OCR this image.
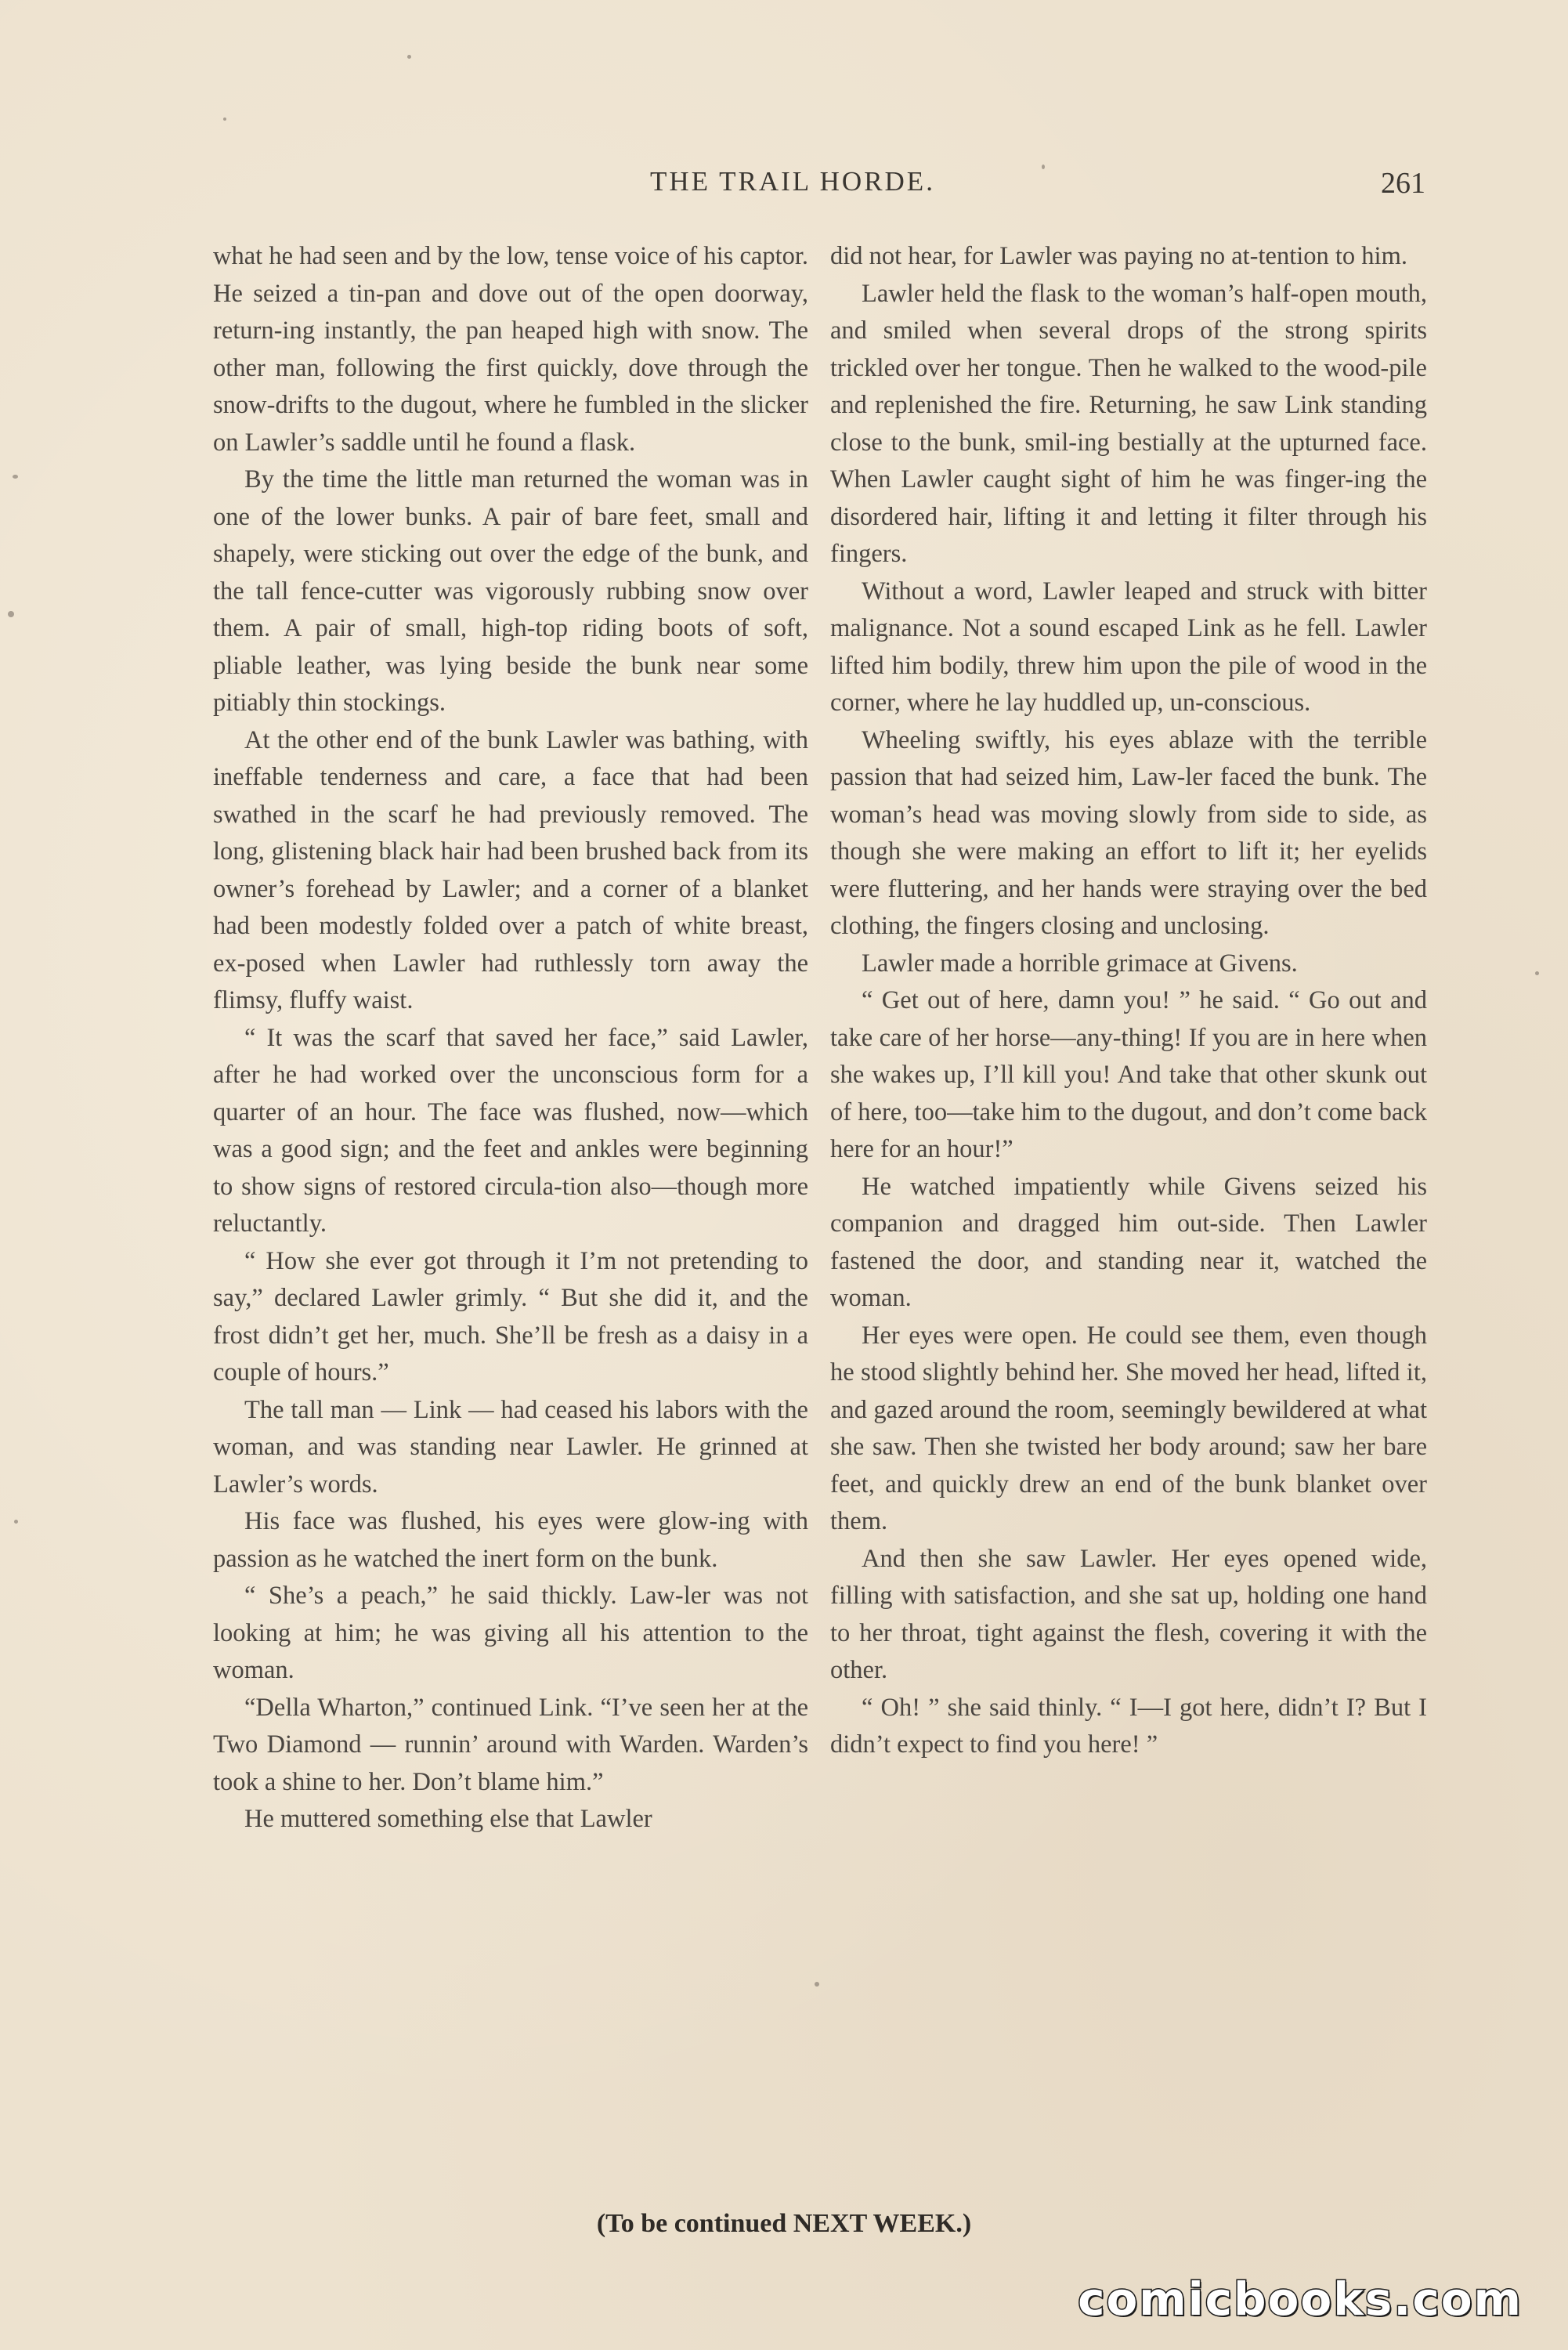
THE TRAIL HORDE.	261

what he had seen and by the low, tense voice of his captor. He seized a tin-pan and dove out of the open doorway, return-ing instantly, the pan heaped high with snow. The other man, following the first quickly, dove through the snow-drifts to the dugout, where he fumbled in the slicker on Lawler’s saddle until he found a flask.

By the time the little man returned the woman was in one of the lower bunks. A pair of bare feet, small and shapely, were sticking out over the edge of the bunk, and the tall fence-cutter was vigorously rubbing snow over them. A pair of small, high-top riding boots of soft, pliable leather, was lying beside the bunk near some pitiably thin stockings.

At the other end of the bunk Lawler was bathing, with ineffable tenderness and care, a face that had been swathed in the scarf he had previously removed. The long, glistening black hair had been brushed back from its owner’s forehead by Lawler; and a corner of a blanket had been modestly folded over a patch of white breast, ex-posed when Lawler had ruthlessly torn away the flimsy, fluffy waist.

“ It was the scarf that saved her face,” said Lawler, after he had worked over the unconscious form for a quarter of an hour. The face was flushed, now—which was a good sign; and the feet and ankles were beginning to show signs of restored circula-tion also—though more reluctantly.

“ How she ever got through it I’m not pretending to say,” declared Lawler grimly. “ But she did it, and the frost didn’t get her, much. She’ll be fresh as a daisy in a couple of hours.”

The tall man — Link — had ceased his labors with the woman, and was standing near Lawler. He grinned at Lawler’s words.

His face was flushed, his eyes were glow-ing with passion as he watched the inert form on the bunk.

“ She’s a peach,” he said thickly. Law-ler was not looking at him; he was giving all his attention to the woman.

“Della Wharton,” continued Link. “I’ve seen her at the Two Diamond — runnin’ around with Warden. Warden’s took a shine to her. Don’t blame him.”

He muttered something else that Lawler

did not hear, for Lawler was paying no at-tention to him.

Lawler held the flask to the woman’s half-open mouth, and smiled when several drops of the strong spirits trickled over her tongue. Then he walked to the wood-pile and replenished the fire. Returning, he saw Link standing close to the bunk, smil-ing bestially at the upturned face. When Lawler caught sight of him he was finger-ing the disordered hair, lifting it and letting it filter through his fingers.

Without a word, Lawler leaped and struck with bitter malignance. Not a sound escaped Link as he fell. Lawler lifted him bodily, threw him upon the pile of wood in the corner, where he lay huddled up, un-conscious.

Wheeling swiftly, his eyes ablaze with the terrible passion that had seized him, Law-ler faced the bunk. The woman’s head was moving slowly from side to side, as though she were making an effort to lift it; her eyelids were fluttering, and her hands were straying over the bed clothing, the fingers closing and unclosing.

Lawler made a horrible grimace at Givens.

“ Get out of here, damn you! ” he said. “ Go out and take care of her horse—any-thing! If you are in here when she wakes up, I’ll kill you! And take that other skunk out of here, too—take him to the dugout, and don’t come back here for an hour!”

He watched impatiently while Givens seized his companion and dragged him out-side. Then Lawler fastened the door, and standing near it, watched the woman.

Her eyes were open. He could see them, even though he stood slightly behind her. She moved her head, lifted it, and gazed around the room, seemingly bewildered at what she saw. Then she twisted her body around; saw her bare feet, and quickly drew an end of the bunk blanket over them.

And then she saw Lawler. Her eyes opened wide, filling with satisfaction, and she sat up, holding one hand to her throat, tight against the flesh, covering it with the other.

“ Oh! ” she said thinly. “ I—I got here, didn’t I? But I didn’t expect to find you here! ”

(To be continued NEXT WEEK.)
comicbooks.com
